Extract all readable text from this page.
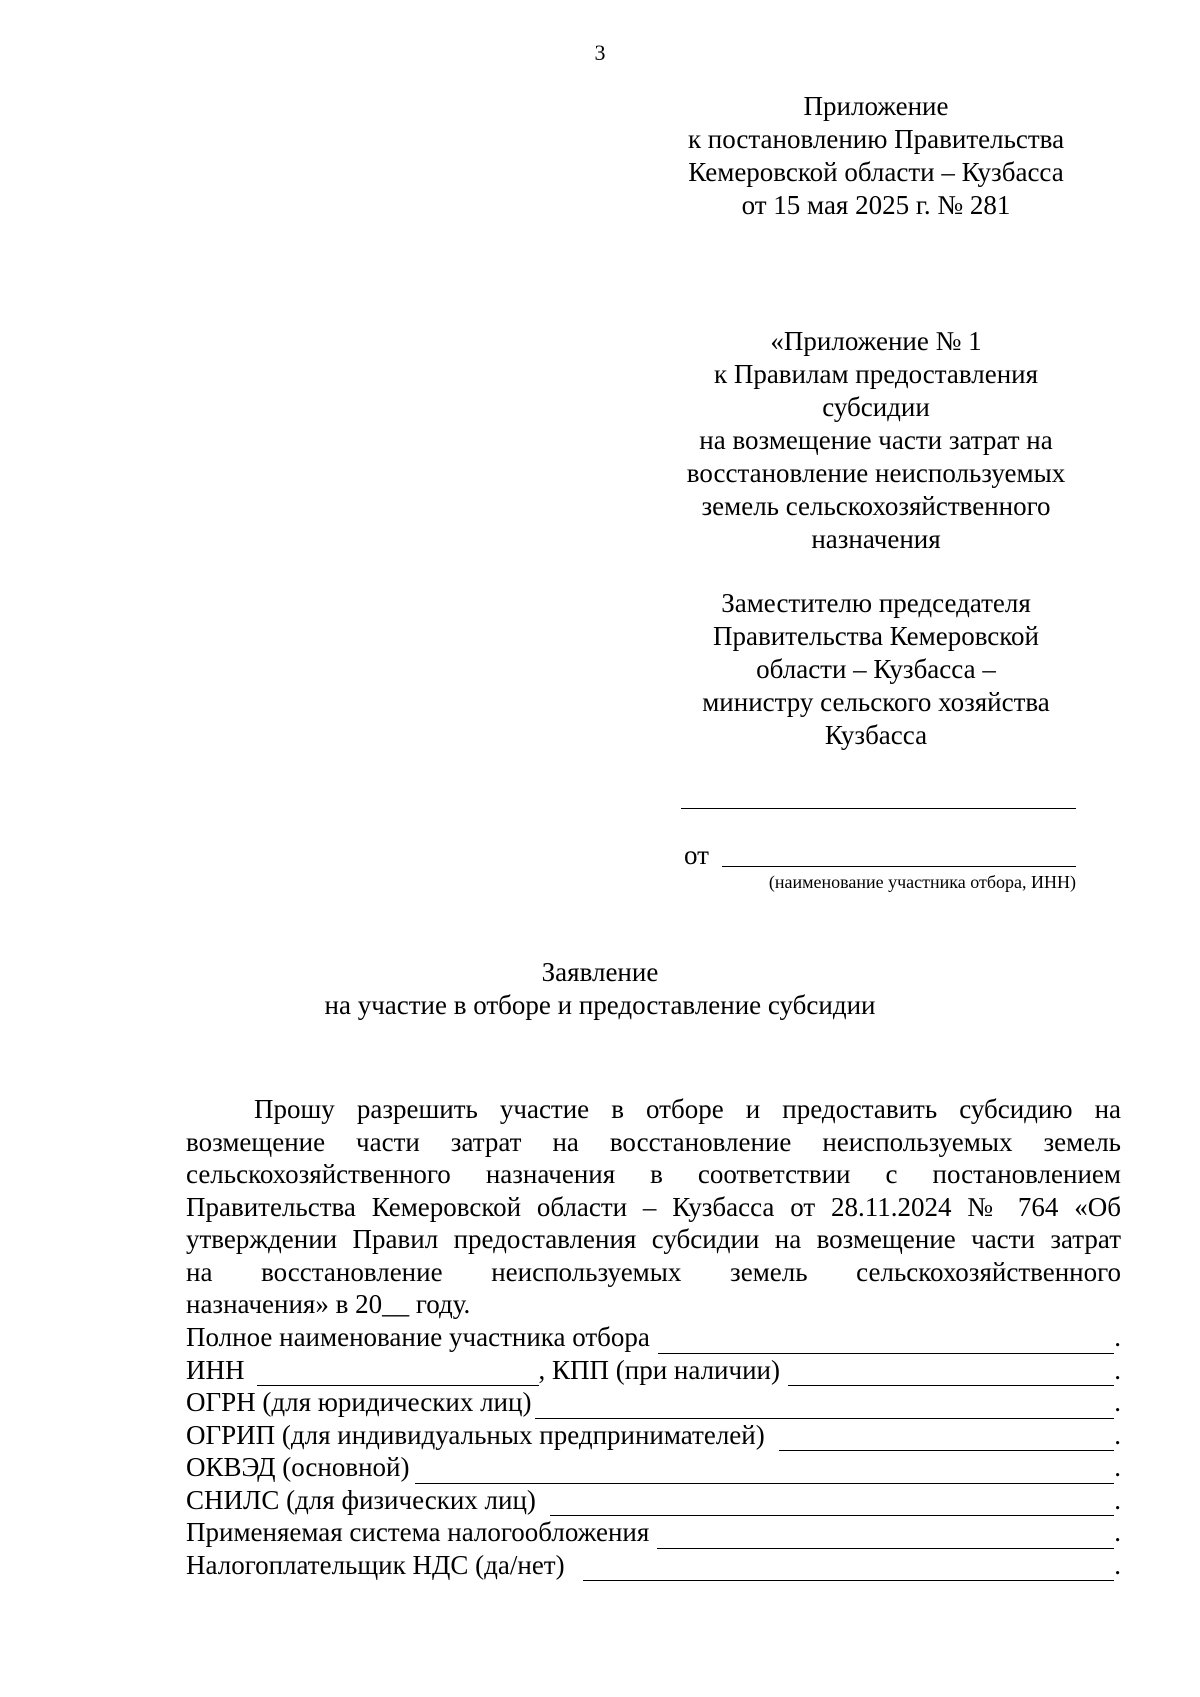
3
Приложение
к постановлению Правительства
Кемеровской области – Кузбасса
от 15 мая 2025 г. № 281
«Приложение № 1
к Правилам предоставления
субсидии
на возмещение части затрат на
восстановление неиспользуемых
земель сельскохозяйственного
назначения
Заместителю председателя
Правительства Кемеровской
области – Кузбасса –
министру сельского хозяйства
Кузбасса
от
(наименование участника отбора, ИНН)
Заявление
на участие в отборе и предоставление субсидии
Прошу разрешить участие в отборе и предоставить субсидию на
возмещение части затрат на восстановление неиспользуемых земель
сельскохозяйственного назначения в соответствии с постановлением
Правительства Кемеровской области – Кузбасса от 28.11.2024 № 764 «Об
утверждении Правил предоставления субсидии на возмещение части затрат
на восстановление неиспользуемых земель сельскохозяйственного
назначения» в 20__ году.
Полное наименование участника отбора	.
ИНН	, КПП (при наличии)	.
ОГРН (для юридических лиц)	.
ОГРИП (для индивидуальных предпринимателей)	.
ОКВЭД (основной)	.
СНИЛС (для физических лиц)	.
Применяемая система налогообложения	.
Налогоплательщик НДС (да/нет)	.
